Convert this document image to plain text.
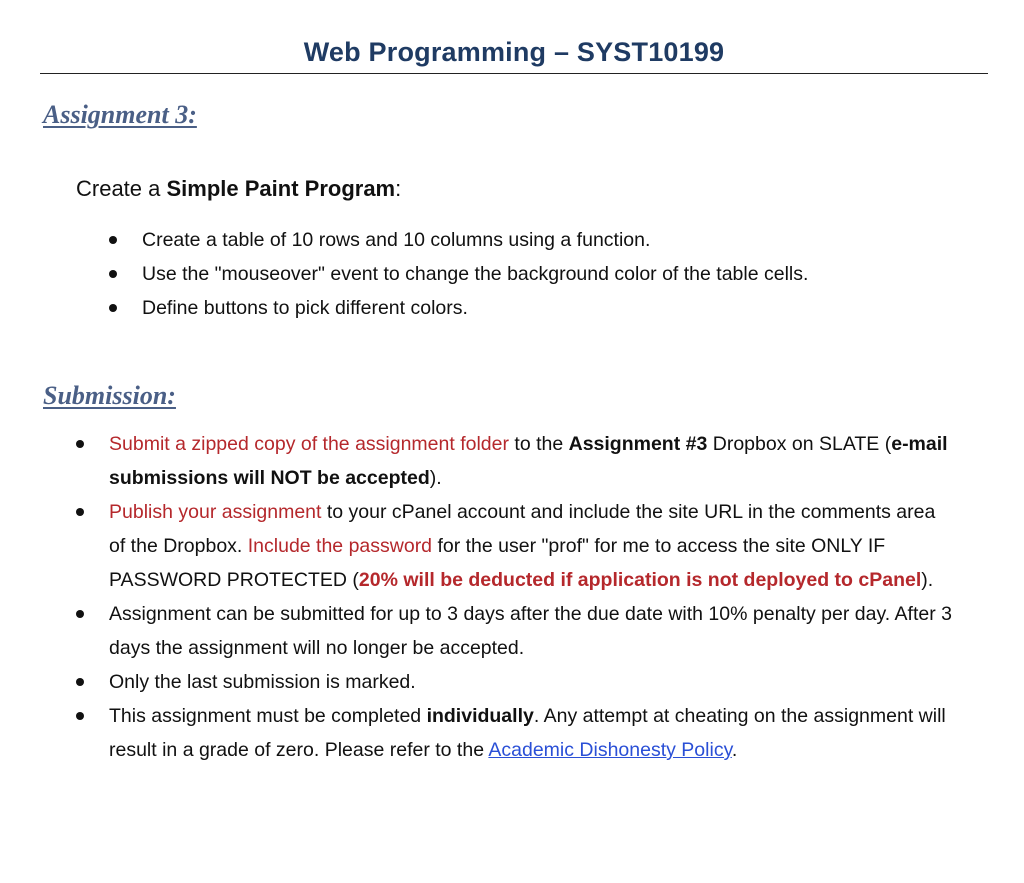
Web Programming – SYST10199
Assignment 3:
Create a Simple Paint Program:
Create a table of 10 rows and 10 columns using a function.
Use the "mouseover" event to change the background color of the table cells.
Define buttons to pick different colors.
Submission:
Submit a zipped copy of the assignment folder to the Assignment #3 Dropbox on SLATE (e-mail submissions will NOT be accepted).
Publish your assignment to your cPanel account and include the site URL in the comments area of the Dropbox. Include the password for the user "prof" for me to access the site ONLY IF PASSWORD PROTECTED (20% will be deducted if application is not deployed to cPanel).
Assignment can be submitted for up to 3 days after the due date with 10% penalty per day. After 3 days the assignment will no longer be accepted.
Only the last submission is marked.
This assignment must be completed individually. Any attempt at cheating on the assignment will result in a grade of zero. Please refer to the Academic Dishonesty Policy.
